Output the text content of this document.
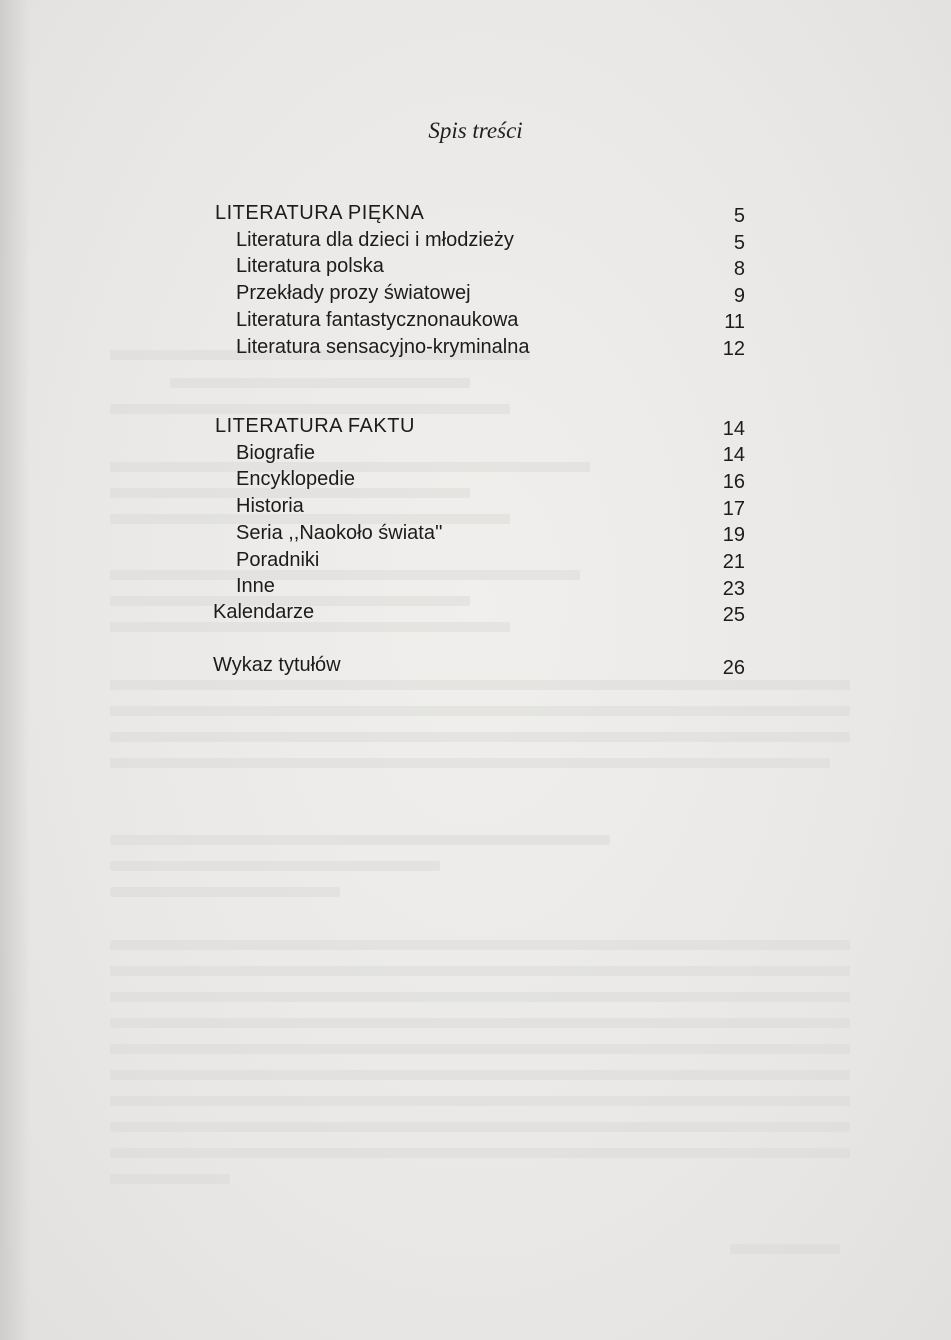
Spis treści
LITERATURA PIĘKNA	5
Literatura dla dzieci i młodzieży	5
Literatura polska	8
Przekłady prozy światowej	9
Literatura fantastycznonaukowa	11
Literatura sensacyjno-kryminalna	12
LITERATURA FAKTU	14
Biografie	14
Encyklopedie	16
Historia	17
Seria ,,Naokoło świata''	19
Poradniki	21
Inne	23
Kalendarze	25
Wykaz tytułów	26
